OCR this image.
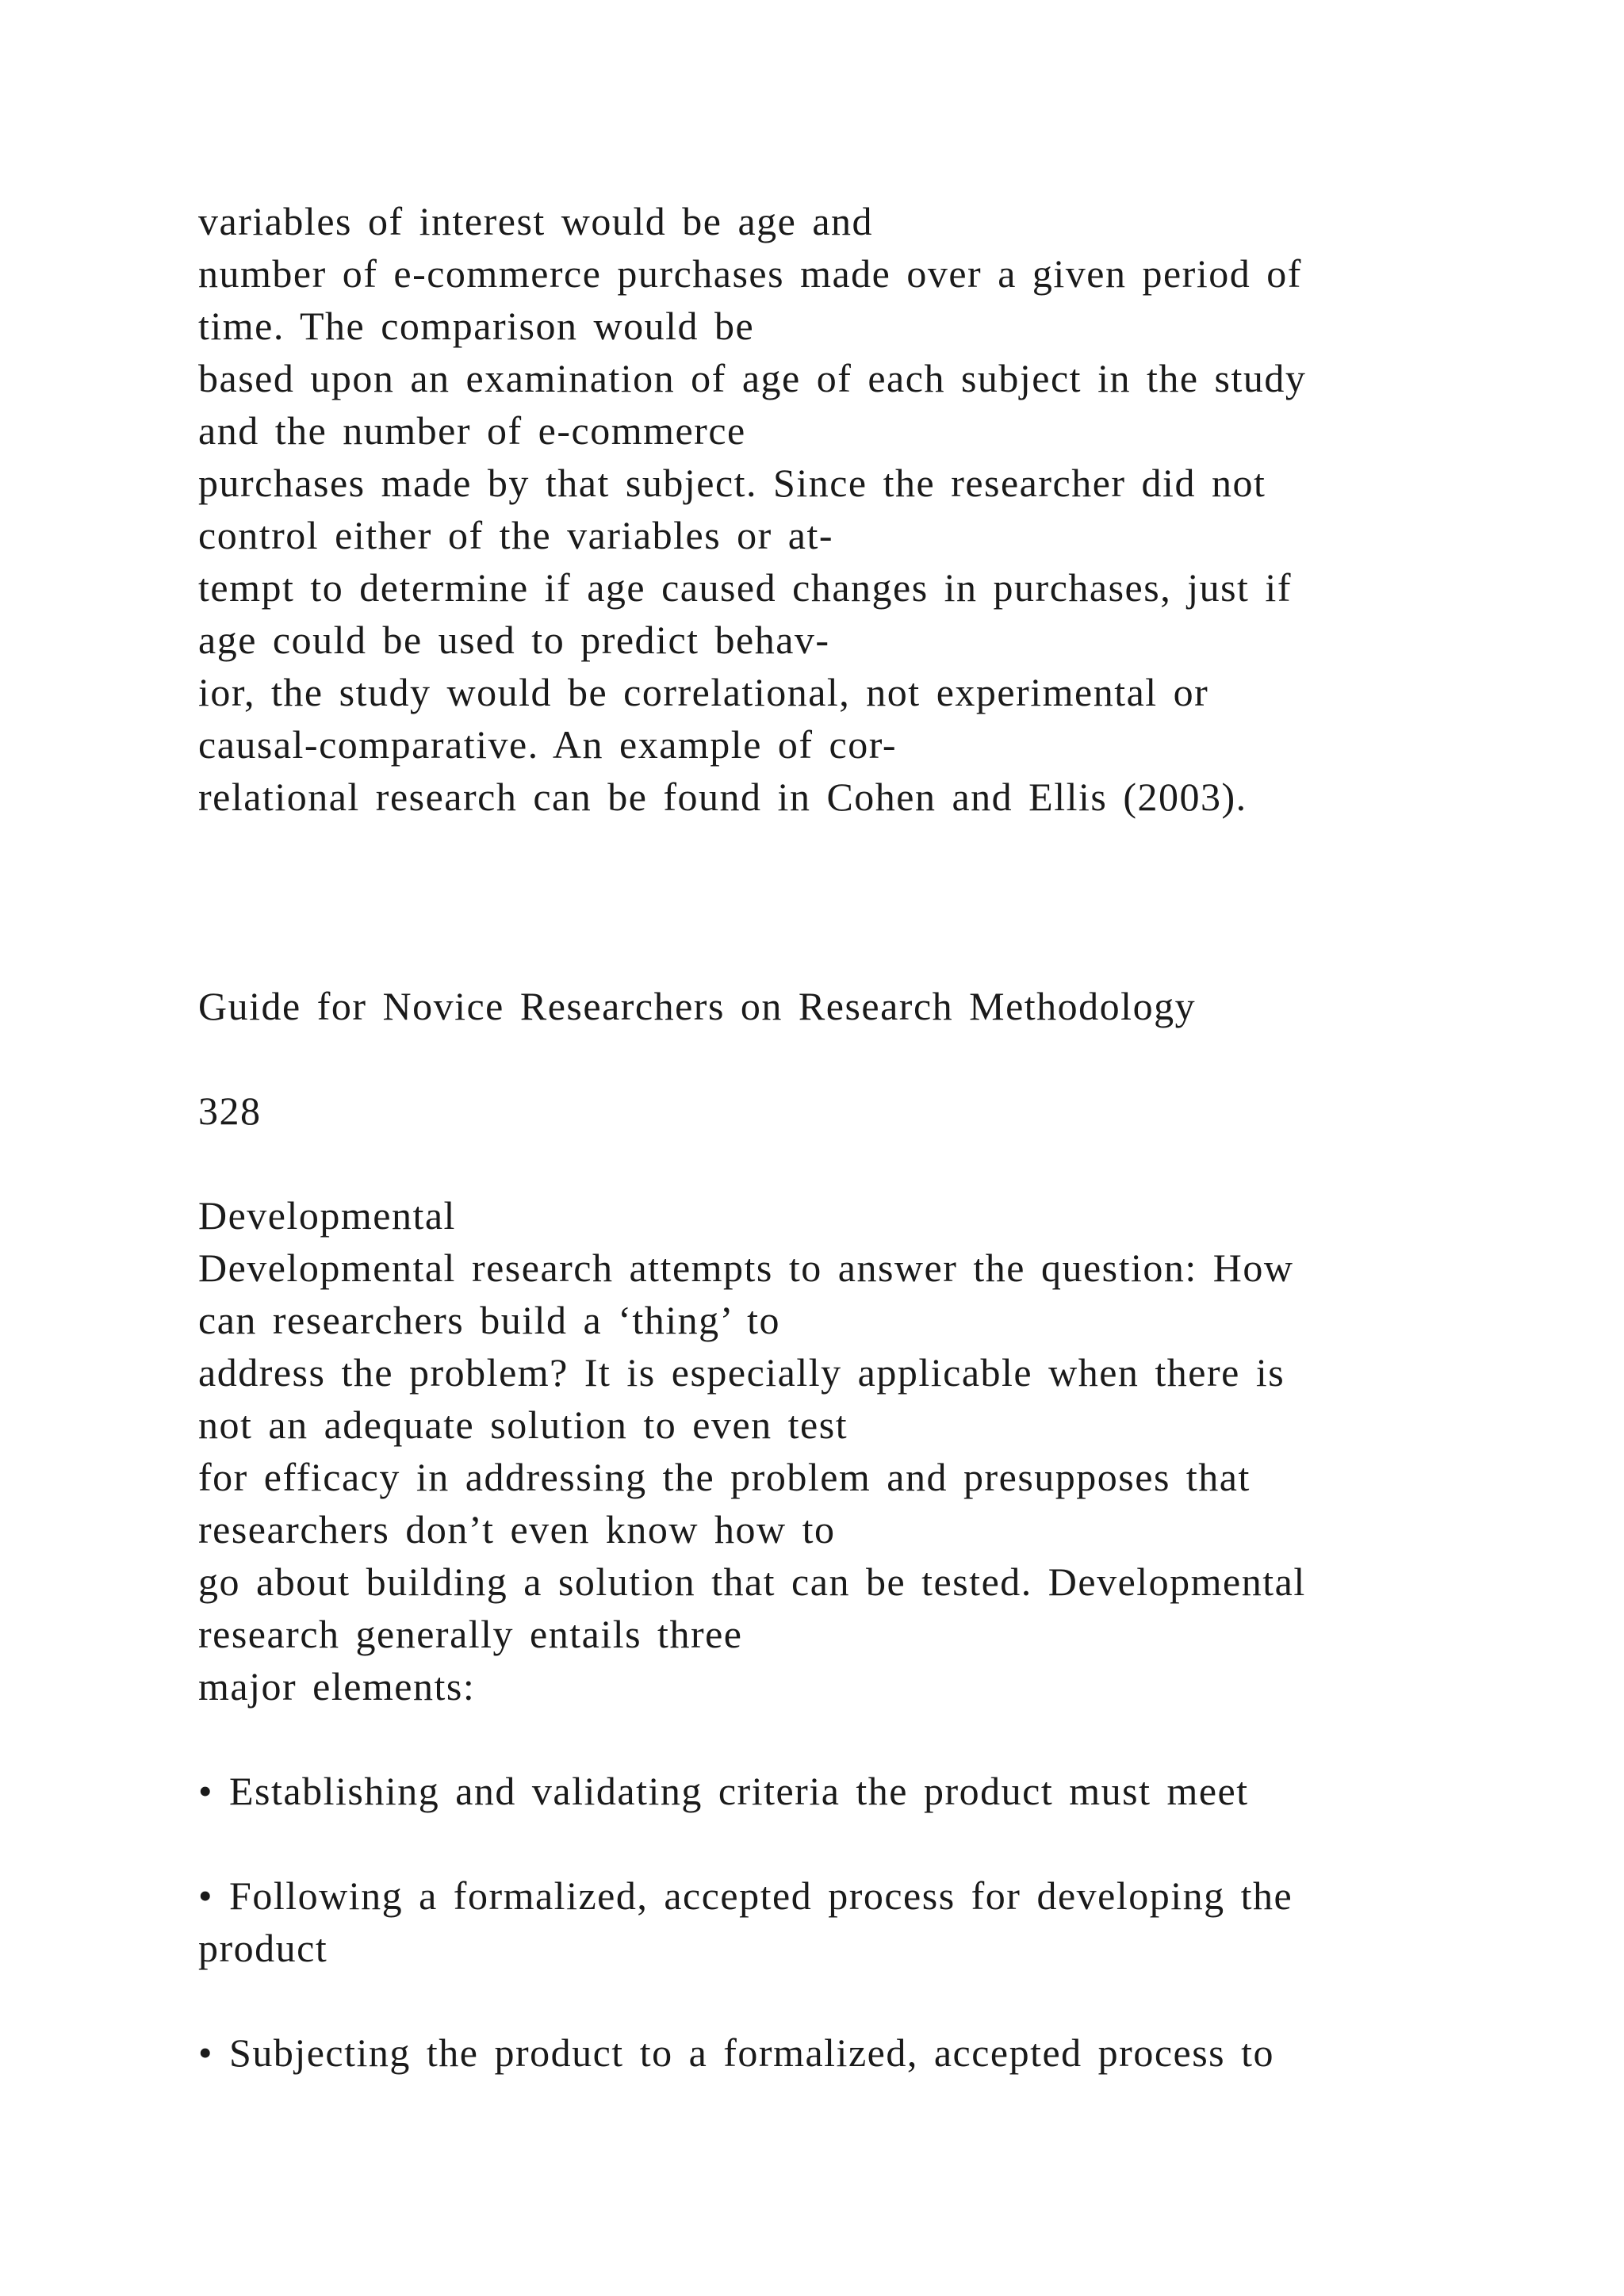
variables of interest would be age and
number of e-commerce purchases made over a given period of
time. The comparison would be
based upon an examination of age of each subject in the study
and the number of e-commerce
purchases made by that subject. Since the researcher did not
control either of the variables or at-
tempt to determine if age caused changes in purchases, just if
age could be used to predict behav-
ior, the study would be correlational, not experimental or
causal-comparative. An example of cor-
relational research can be found in Cohen and Ellis (2003).
Guide for Novice Researchers on Research Methodology
328
Developmental
Developmental research attempts to answer the question: How
can researchers build a ‘thing’ to
address the problem? It is especially applicable when there is
not an adequate solution to even test
for efficacy in addressing the problem and presupposes that
researchers don’t even know how to
go about building a solution that can be tested. Developmental
research generally entails three
major elements:
• Establishing and validating criteria the product must meet
• Following a formalized, accepted process for developing the
product
• Subjecting the product to a formalized, accepted process to
